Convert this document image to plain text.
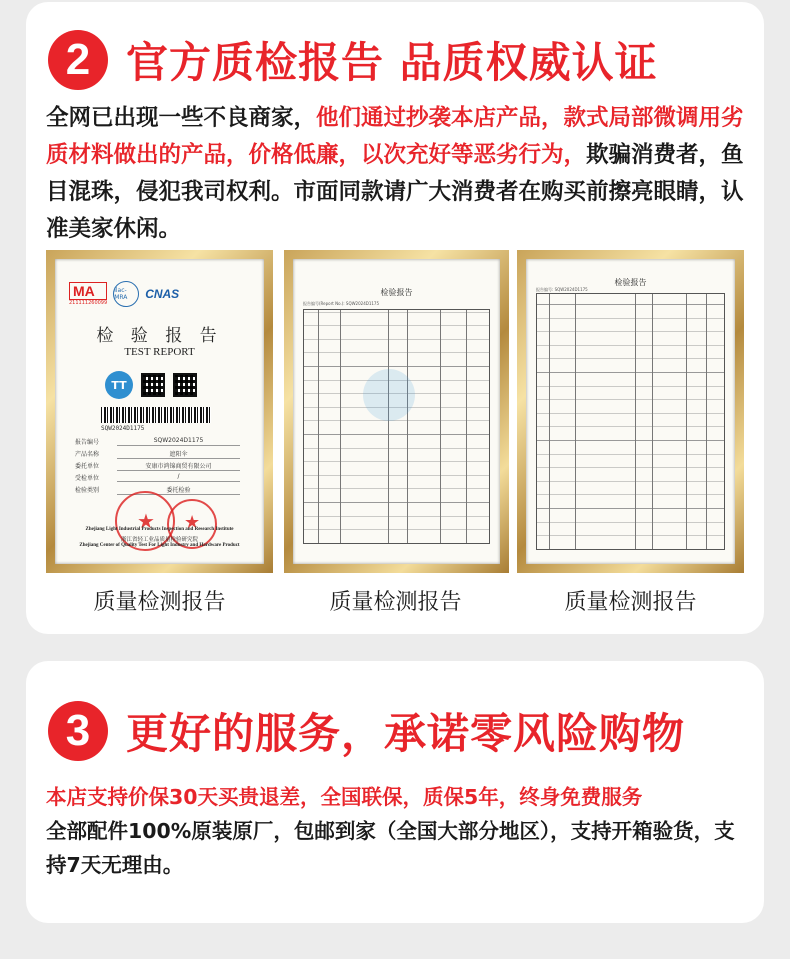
2 官方质检报告 品质权威认证

全网已出现一些不良商家，他们通过抄袭本店产品，款式局部微调用劣质材料做出的产品，价格低廉，以次充好等恶劣行为，欺骗消费者，鱼目混珠，侵犯我司权利。市面同款请广大消费者在购买前擦亮眼睛，认准美家休闲。

MA
211111260099
ilac-MRA	CNAS
检 验 报 告
TEST REPORT
TT
SQW2024D1175
报告编号	SQW2024D1175
产品名称	遮阳伞
委托单位	安康市鸿锦商贸有限公司
受检单位	/
检验类别	委托检验
★
★
Zhejiang Light Industrial Products Inspection and Research Institute
浙江省轻工业品质量检验研究院
Zhejiang Center of Quality Test For Light Industry and Hardware Product
检验报告
报告编号(Report No.): SQW2024D1175
检验报告
报告编号: SQW2024D1175
质量检测报告	质量检测报告	质量检测报告
3 更好的服务，承诺零风险购物

本店支持价保30天买贵退差，全国联保，质保5年，终身免费服务
全部配件100%原装原厂，包邮到家（全国大部分地区），支持开箱验货，支持7天无理由。
